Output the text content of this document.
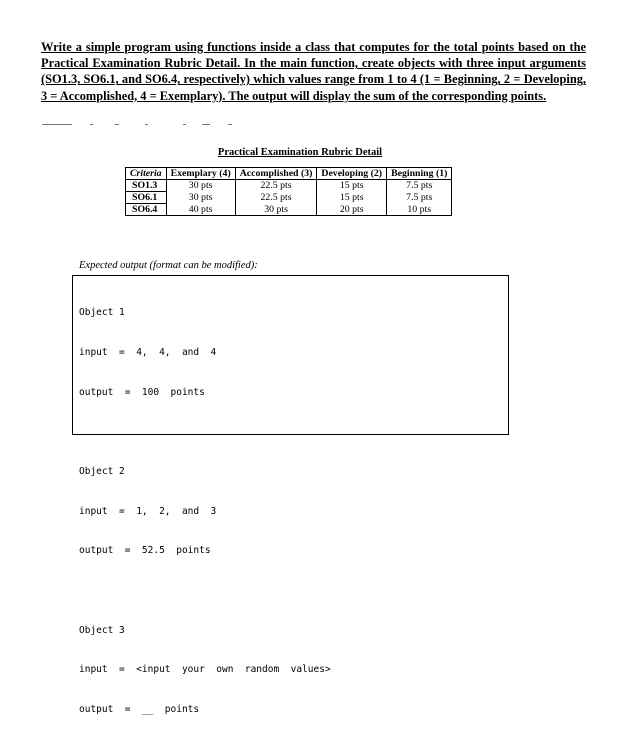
Write a simple program using functions inside a class that computes for the total points based on the Practical Examination Rubric Detail. In the main function, create objects with three input arguments (SO1.3, SO6.1, and SO6.4, respectively) which values range from 1 to 4 (1 = Beginning, 2 = Developing, 3 = Accomplished, 4 = Exemplary). The output will display the sum of the corresponding points.
Practical Examination Rubric Detail
Criteria	Exemplary (4)	Accomplished (3)	Developing (2)	Beginning (1)
SO1.3	30 pts	22.5 pts	15 pts	7.5 pts
SO6.1	30 pts	22.5 pts	15 pts	7.5 pts
SO6.4	40 pts	30 pts	20 pts	10 pts
Expected output (format can be modified):

Object 1

input  =  4,  4,  and  4

output  =  100  points

Object 2

input  =  1,  2,  and  3

output  =  52.5  points

Object 3

input  =  <input  your  own  random  values>

output  =  __  points
